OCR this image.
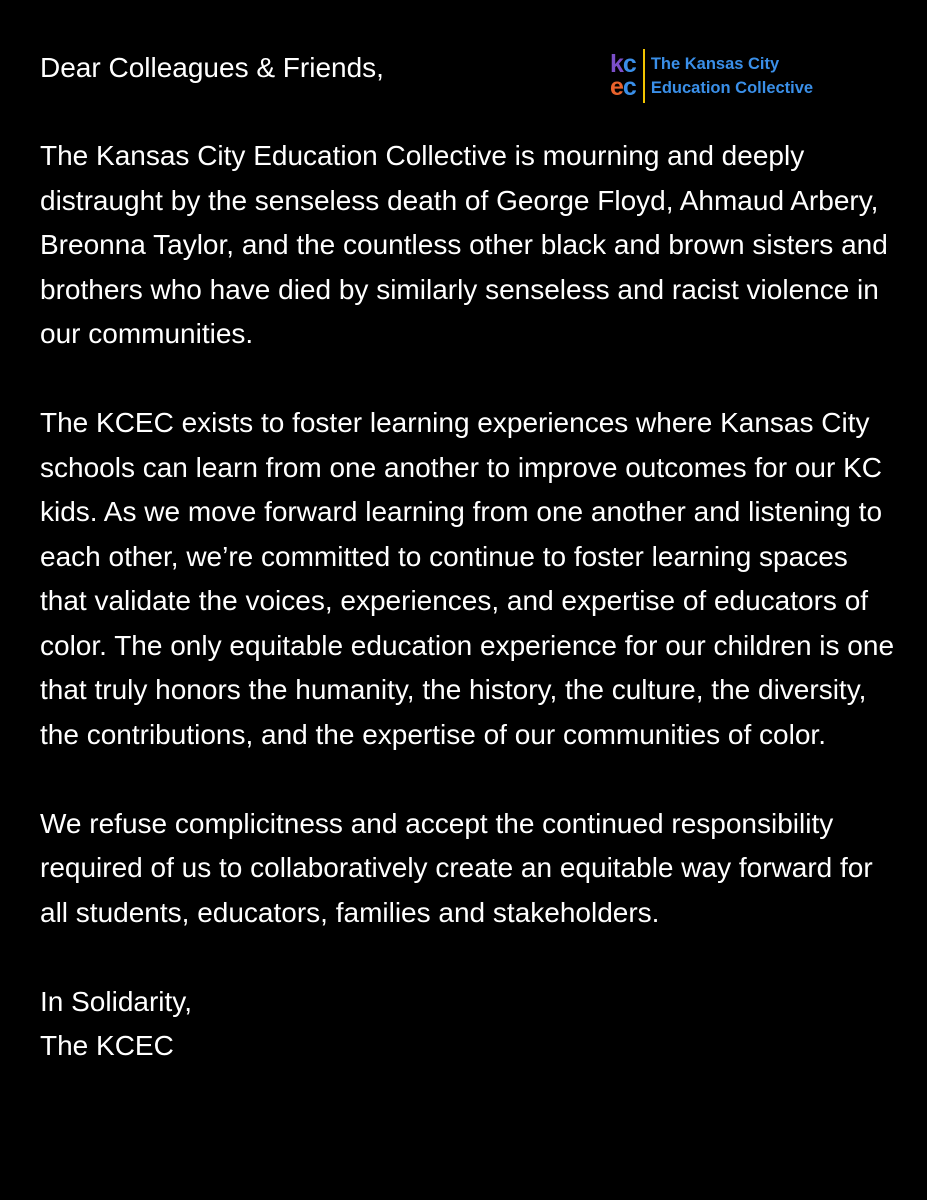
Dear Colleagues & Friends,	kc
ec
The Kansas City
Education Collective

The Kansas City Education Collective is mourning and deeply distraught by the senseless death of George Floyd, Ahmaud Arbery, Breonna Taylor, and the countless other black and brown sisters and brothers who have died by similarly senseless and racist violence in our communities.

The KCEC exists to foster learning experiences where Kansas City schools can learn from one another to improve outcomes for our KC kids. As we move forward learning from one another and listening to each other, we’re committed to continue to foster learning spaces that validate the voices, experiences, and expertise of educators of color. The only equitable education experience for our children is one that truly honors the humanity, the history, the culture, the diversity, the contributions, and the expertise of our communities of color.

We refuse complicitness and accept the continued responsibility required of us to collaboratively create an equitable way forward for all students, educators, families and stakeholders.

In Solidarity,
The KCEC
